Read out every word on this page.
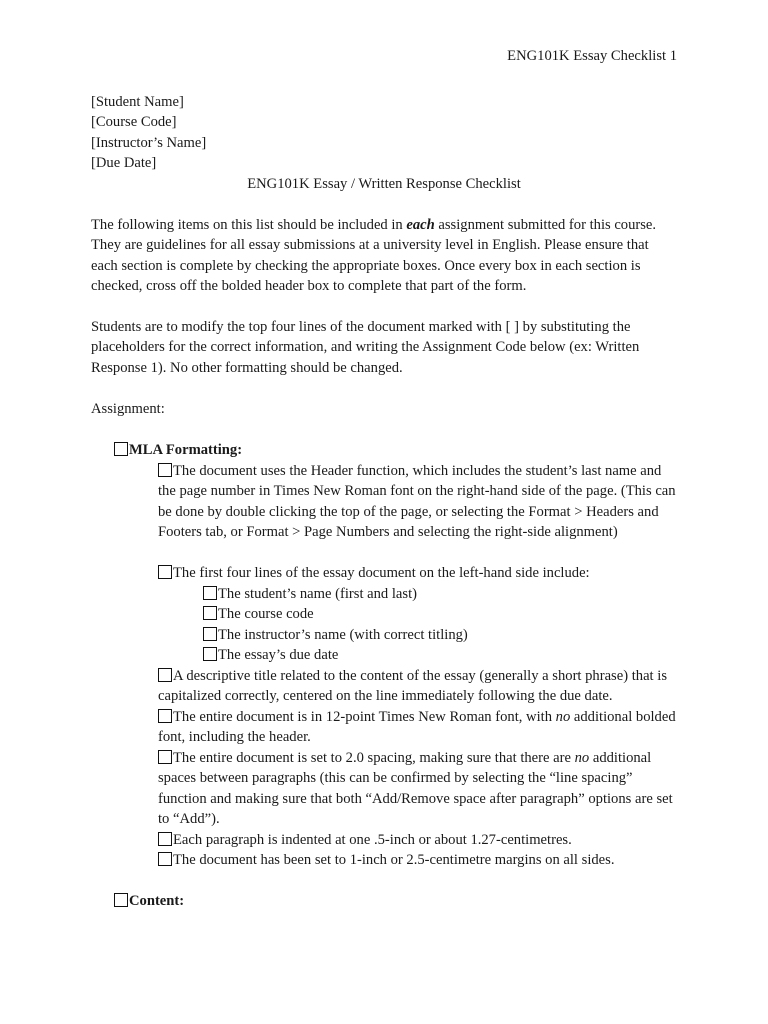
ENG101K Essay Checklist 1
[Student Name]
[Course Code]
[Instructor’s Name]
[Due Date]
ENG101K Essay / Written Response Checklist
The following items on this list should be included in each assignment submitted for this course. They are guidelines for all essay submissions at a university level in English. Please ensure that each section is complete by checking the appropriate boxes. Once every box in each section is checked, cross off the bolded header box to complete that part of the form.
Students are to modify the top four lines of the document marked with [ ] by substituting the placeholders for the correct information, and writing the Assignment Code below (ex: Written Response 1). No other formatting should be changed.
Assignment:
MLA Formatting:
The document uses the Header function, which includes the student’s last name and the page number in Times New Roman font on the right-hand side of the page. (This can be done by double clicking the top of the page, or selecting the Format > Headers and Footers tab, or Format > Page Numbers and selecting the right-side alignment)
The first four lines of the essay document on the left-hand side include:
The student’s name (first and last)
The course code
The instructor’s name (with correct titling)
The essay’s due date
A descriptive title related to the content of the essay (generally a short phrase) that is capitalized correctly, centered on the line immediately following the due date.
The entire document is in 12-point Times New Roman font, with no additional bolded font, including the header.
The entire document is set to 2.0 spacing, making sure that there are no additional spaces between paragraphs (this can be confirmed by selecting the “line spacing” function and making sure that both “Add/Remove space after paragraph” options are set to “Add”).
Each paragraph is indented at one .5-inch or about 1.27-centimetres.
The document has been set to 1-inch or 2.5-centimetre margins on all sides.
Content:
